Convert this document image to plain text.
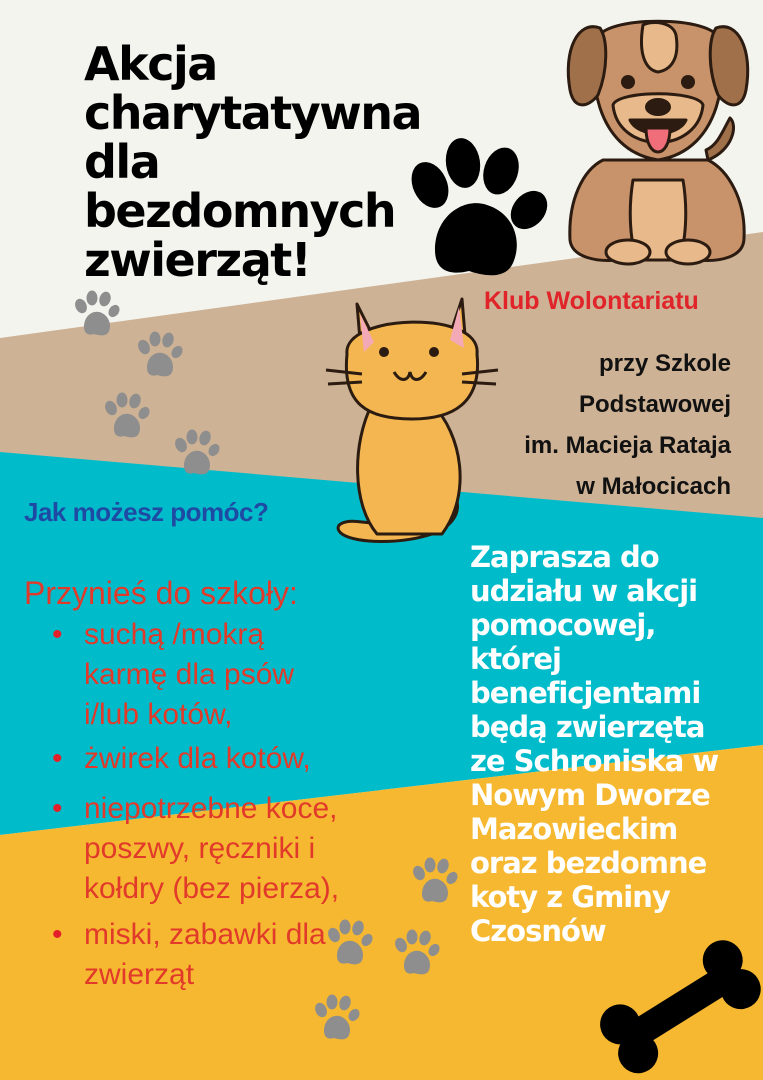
Akcja
charytatywna
dla
bezdomnych
zwierząt!
Klub Wolontariatu
przy Szkole
Podstawowej
im. Macieja Rataja
w Małocicach
Jak możesz pomóc?
Przynieś do szkoły:
• suchą /mokrą karmę dla psów i/lub kotów,
• żwirek dla kotów,
• niepotrzebne koce, poszwy, ręczniki i kołdry (bez pierza),
• miski, zabawki dla zwierząt
Zaprasza do
udziału w akcji
pomocowej,
której
beneficjentami
będą zwierzęta
ze Schroniska w
Nowym Dworze
Mazowieckim
oraz bezdomne
koty z Gminy
Czosnów
